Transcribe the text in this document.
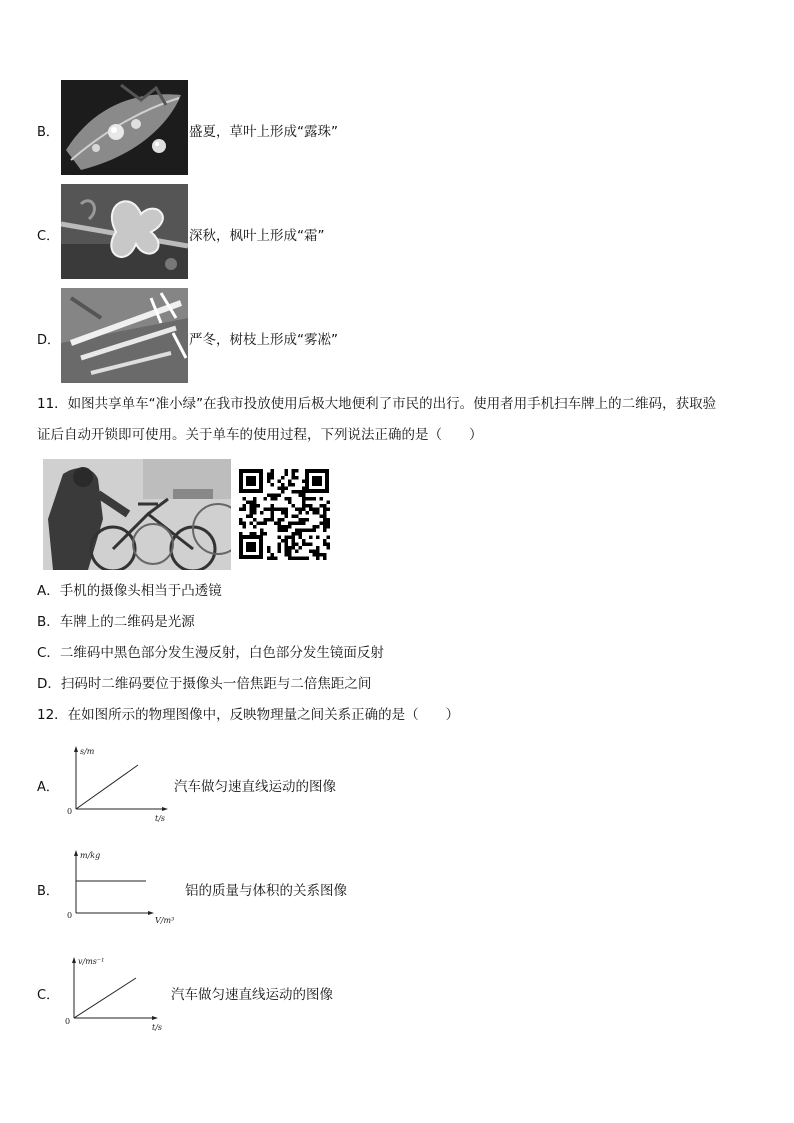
B．	盛夏，草叶上形成“露珠”
C．	深秋，枫叶上形成“霜”
D．	严冬，树枝上形成“雾凇”
11．如图共享单车“准小绿”在我市投放使用后极大地便利了市民的出行。使用者用手机扫车牌上的二维码，获取验
证后自动开锁即可使用。关于单车的使用过程，下列说法正确的是（　　）
A．手机的摄像头相当于凸透镜
B．车牌上的二维码是光源
C．二维码中黑色部分发生漫反射，白色部分发生镜面反射
D．扫码时二维码要位于摄像头一倍焦距与二倍焦距之间
12．在如图所示的物理图像中，反映物理量之间关系正确的是（　　）
A．
s/m
t/s
0
汽车做匀速直线运动的图像
B．
m/kg
V/m³
0
铝的质量与体积的关系图像
C．
v/ms⁻¹
t/s
0
汽车做匀速直线运动的图像
